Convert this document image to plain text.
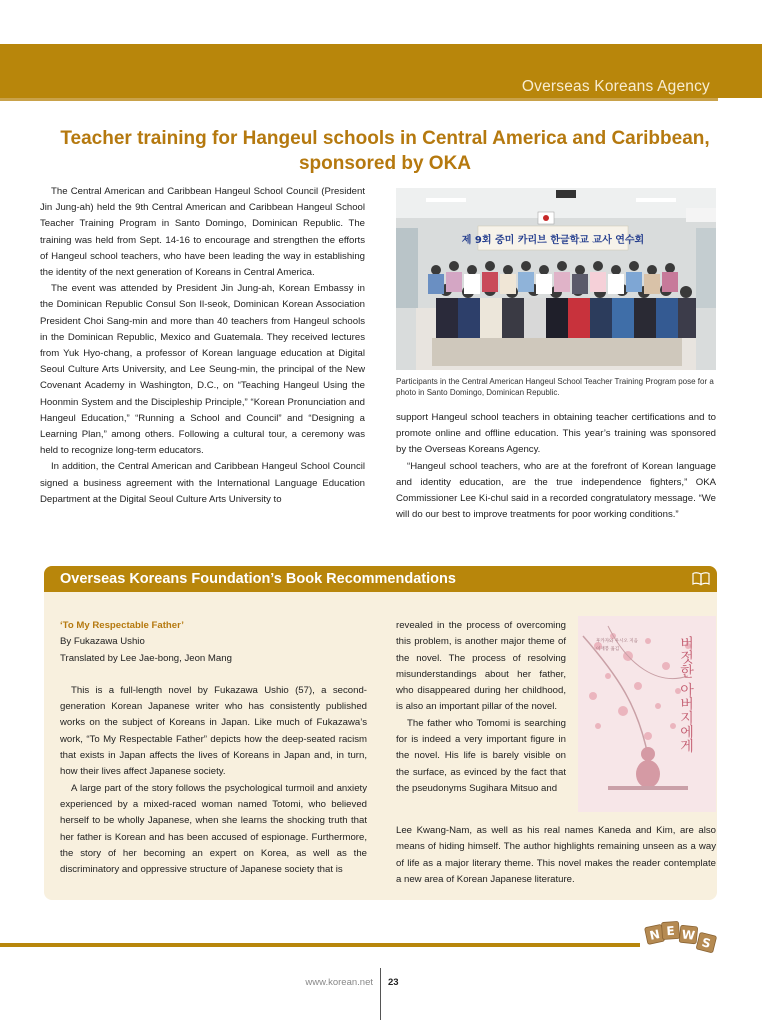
Overseas Koreans Agency
Teacher training for Hangeul schools in Central America and Caribbean,
sponsored by OKA

The Central American and Caribbean Hangeul School Council (President Jin Jung-ah) held the 9th Central American and Caribbean Hangeul School Teacher Training Program in Santo Domingo, Dominican Republic. The training was held from Sept. 14-16 to encourage and strengthen the efforts of Hangeul school teachers, who have been leading the way in establishing the identity of the next generation of Koreans in Central America.

The event was attended by President Jin Jung-ah, Korean Embassy in the Dominican Republic Consul Son Il-seok, Dominican Korean Association President Choi Sang-min and more than 40 teachers from Hangeul schools in the Dominican Republic, Mexico and Guatemala. They received lectures from Yuk Hyo-chang, a professor of Korean language education at Digital Seoul Culture Arts University, and Lee Seung-min, the principal of the New Covenant Academy in Washington, D.C., on “Teaching Hangeul Using the Hoonmin System and the Discipleship Principle,” “Korean Pronunciation and Hangeul Education,” “Running a School and Council” and “Designing a Learning Plan,” among others. Following a cultural tour, a ceremony was held to recognize long-term educators.

In addition, the Central American and Caribbean Hangeul School Council signed a business agreement with the International Language Education Department at the Digital Seoul Culture Arts University to

제 9회 중미 카리브 한글학교 교사 연수회
Participants in the Central American Hangeul School Teacher Training Program pose for a photo in Santo Domingo, Dominican Republic.

support Hangeul school teachers in obtaining teacher certifications and to promote online and offline education. This year’s training was sponsored by the Overseas Koreans Agency.

“Hangeul school teachers, who are at the forefront of Korean language and identity education, are the true independence fighters,” OKA Commissioner Lee Ki-chul said in a recorded congratulatory message. “We will do our best to improve treatments for poor working conditions.”

Overseas Koreans Foundation’s Book Recommendations

‘To My Respectable Father’

By Fukazawa Ushio

Translated by Lee Jae-bong, Jeon Mang

This is a full-length novel by Fukazawa Ushio (57), a second-generation Korean Japanese writer who has consistently published works on the subject of Koreans in Japan. Like much of Fukazawa’s work, “To My Respectable Father” depicts how the deep-seated racism that exists in Japan affects the lives of Koreans in Japan and, in turn, how their lives affect Japanese society.

A large part of the story follows the psychological turmoil and anxiety experienced by a mixed-raced woman named Totomi, who believed herself to be wholly Japanese, when she learns the shocking truth that her father is Korean and has been accused of espionage. Furthermore, the story of her becoming an expert on Korea, as well as the discriminatory and oppressive structure of Japanese society that is

revealed in the process of overcoming this problem, is another major theme of the novel. The process of resolving misunderstandings about her father, who disappeared during her childhood, is also an important pillar of the novel.

The father who Tomomi is searching for is indeed a very important figure in the novel. His life is barely visible on the surface, as evinced by the fact that the pseudonyms Sugihara Mitsuo and

Lee Kwang-Nam, as well as his real names Kaneda and Kim, are also means of hiding himself. The author highlights remaining unseen as a way of life as a major literary theme. This novel makes the reader contemplate a new area of Korean Japanese literature.

후카자와 우시오 지음
이재봉 옮김	버젓한 아버지에게
N E W
S
www.korean.net 23
